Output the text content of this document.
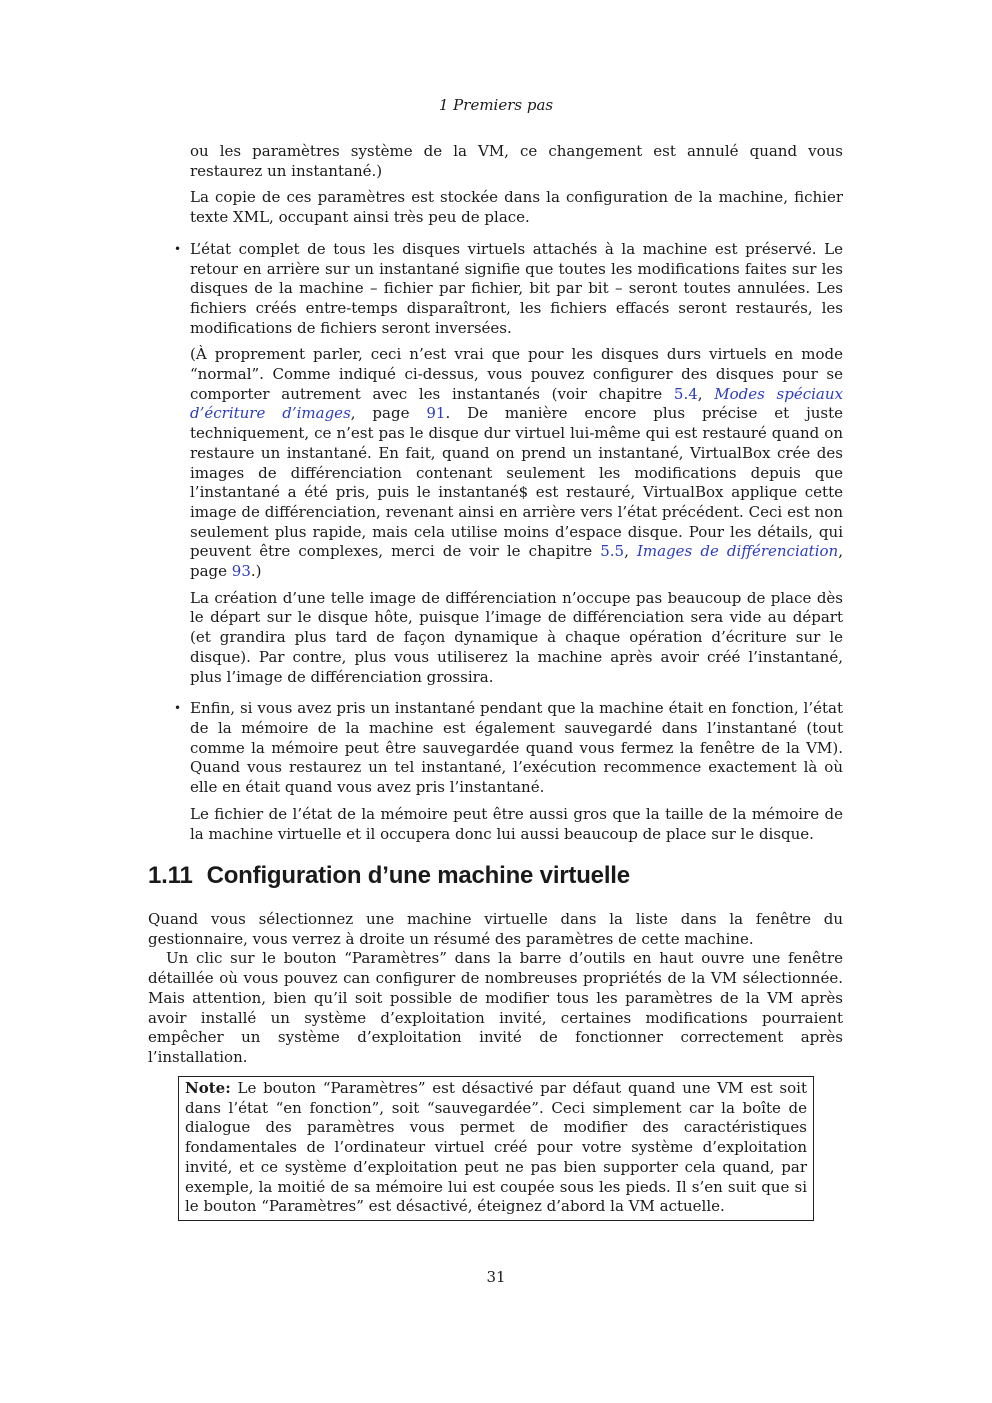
1 Premiers pas

ou les paramètres système de la VM, ce changement est annulé quand vous restaurez un instantané.)

La copie de ces paramètres est stockée dans la configuration de la machine, fichier texte XML, occupant ainsi très peu de place.

• L’état complet de tous les disques virtuels attachés à la machine est préservé. Le retour en arrière sur un instantané signifie que toutes les modifications faites sur les disques de la machine – fichier par fichier, bit par bit – seront toutes annulées. Les fichiers créés entre-temps disparaîtront, les fichiers effacés seront restaurés, les modifications de fichiers seront inversées.

(À proprement parler, ceci n’est vrai que pour les disques durs virtuels en mode “normal”. Comme indiqué ci-dessus, vous pouvez configurer des disques pour se comporter autrement avec les instantanés (voir chapitre 5.4, Modes spéciaux d’écriture d’images, page 91. De manière encore plus précise et juste techniquement, ce n’est pas le disque dur virtuel lui-même qui est restauré quand on restaure un instantané. En fait, quand on prend un instantané, VirtualBox crée des images de différenciation contenant seulement les modifications depuis que l’instantané a été pris, puis le instantané$ est restauré, VirtualBox applique cette image de différenciation, revenant ainsi en arrière vers l’état précédent. Ceci est non seulement plus rapide, mais cela utilise moins d’espace disque. Pour les détails, qui peuvent être complexes, merci de voir le chapitre 5.5, Images de différenciation, page 93.)

La création d’une telle image de différenciation n’occupe pas beaucoup de place dès le départ sur le disque hôte, puisque l’image de différenciation sera vide au départ (et grandira plus tard de façon dynamique à chaque opération d’écriture sur le disque). Par contre, plus vous utiliserez la machine après avoir créé l’instantané, plus l’image de différenciation grossira.

• Enfin, si vous avez pris un instantané pendant que la machine était en fonction, l’état de la mémoire de la machine est également sauvegardé dans l’instantané (tout comme la mémoire peut être sauvegardée quand vous fermez la fenêtre de la VM). Quand vous restaurez un tel instantané, l’exécution recommence exactement là où elle en était quand vous avez pris l’instantané.

Le fichier de l’état de la mémoire peut être aussi gros que la taille de la mémoire de la machine virtuelle et il occupera donc lui aussi beaucoup de place sur le disque.

1.11 Configuration d’une machine virtuelle

Quand vous sélectionnez une machine virtuelle dans la liste dans la fenêtre du gestionnaire, vous verrez à droite un résumé des paramètres de cette machine.

Un clic sur le bouton “Paramètres” dans la barre d’outils en haut ouvre une fenêtre détaillée où vous pouvez can configurer de nombreuses propriétés de la VM sélectionnée. Mais attention, bien qu’il soit possible de modifier tous les paramètres de la VM après avoir installé un système d’exploitation invité, certaines modifications pourraient empêcher un système d’exploitation invité de fonctionner correctement après l’installation.

Note: Le bouton “Paramètres” est désactivé par défaut quand une VM est soit dans l’état “en fonction”, soit “sauvegardée”. Ceci simplement car la boîte de dialogue des paramètres vous permet de modifier des caractéristiques fondamentales de l’ordinateur virtuel créé pour votre système d’exploitation invité, et ce système d’exploitation peut ne pas bien supporter cela quand, par exemple, la moitié de sa mémoire lui est coupée sous les pieds. Il s’en suit que si le bouton “Paramètres” est désactivé, éteignez d’abord la VM actuelle.
31
